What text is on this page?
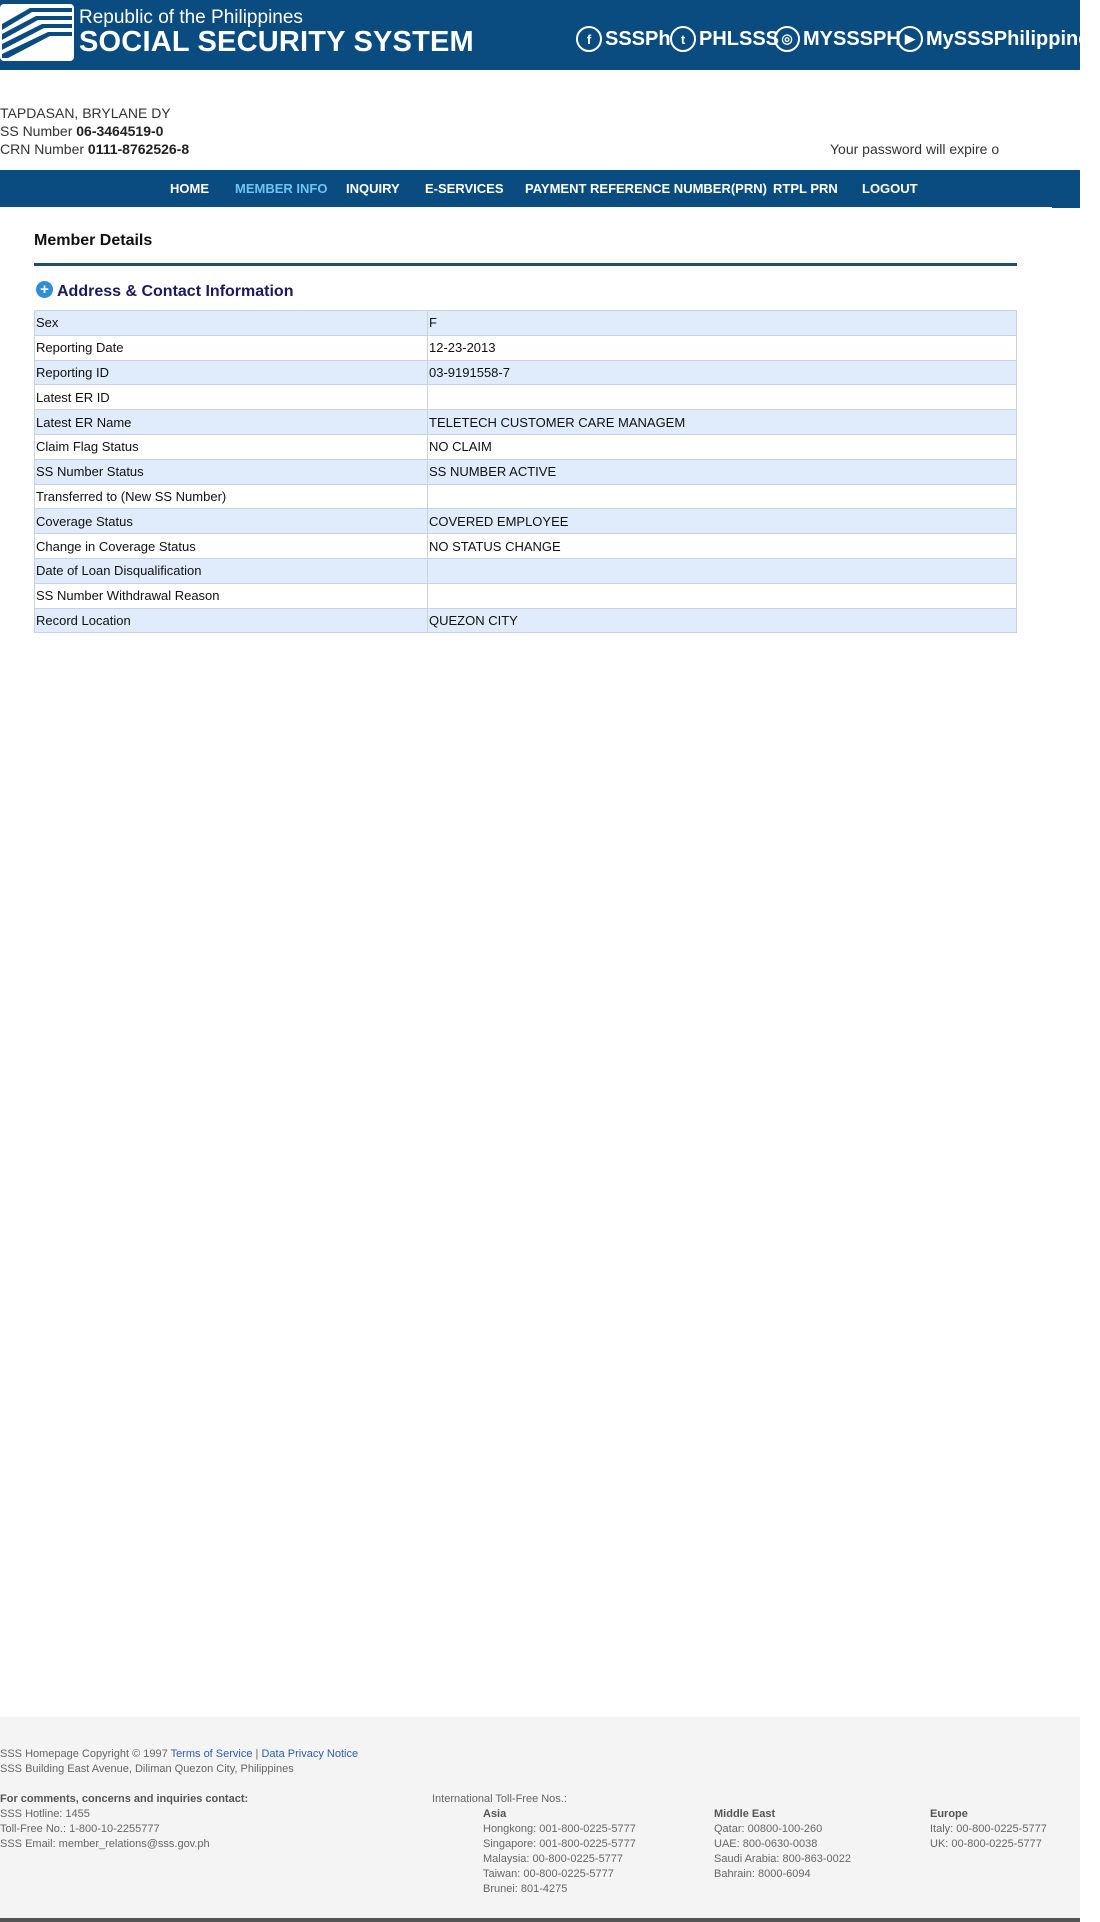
Republic of the Philippines
SOCIAL SECURITY SYSTEM	f SSSPh t PHLSSS ◎ MYSSSPH ▶ MySSSPhilippines
TAPDASAN, BRYLANE DY
SS Number 06-3464519-0
CRN Number 0111-8762526-8	Your password will expire o
HOME MEMBER INFO INQUIRY E-SERVICES PAYMENT REFERENCE NUMBER(PRN) RTPL PRN LOGOUT
Member Details
+ Address & Contact Information
Sex	F
Reporting Date	12-23-2013
Reporting ID	03-9191558-7
Latest ER ID	
Latest ER Name	TELETECH CUSTOMER CARE MANAGEM
Claim Flag Status	NO CLAIM
SS Number Status	SS NUMBER ACTIVE
Transferred to (New SS Number)	
Coverage Status	COVERED EMPLOYEE
Change in Coverage Status	NO STATUS CHANGE
Date of Loan Disqualification	
SS Number Withdrawal Reason	
Record Location	QUEZON CITY
SSS Homepage Copyright © 1997 Terms of Service | Data Privacy Notice
SSS Building East Avenue, Diliman Quezon City, Philippines
For comments, concerns and inquiries contact:
SSS Hotline: 1455
Toll-Free No.: 1-800-10-2255777
SSS Email: member_relations@sss.gov.ph
International Toll-Free Nos.:
Asia
Hongkong: 001-800-0225-5777
Singapore: 001-800-0225-5777
Malaysia: 00-800-0225-5777
Taiwan: 00-800-0225-5777
Brunei: 801-4275
Middle East
Qatar: 00800-100-260
UAE: 800-0630-0038
Saudi Arabia: 800-863-0022
Bahrain: 8000-6094
Europe
Italy: 00-800-0225-5777
UK: 00-800-0225-5777
